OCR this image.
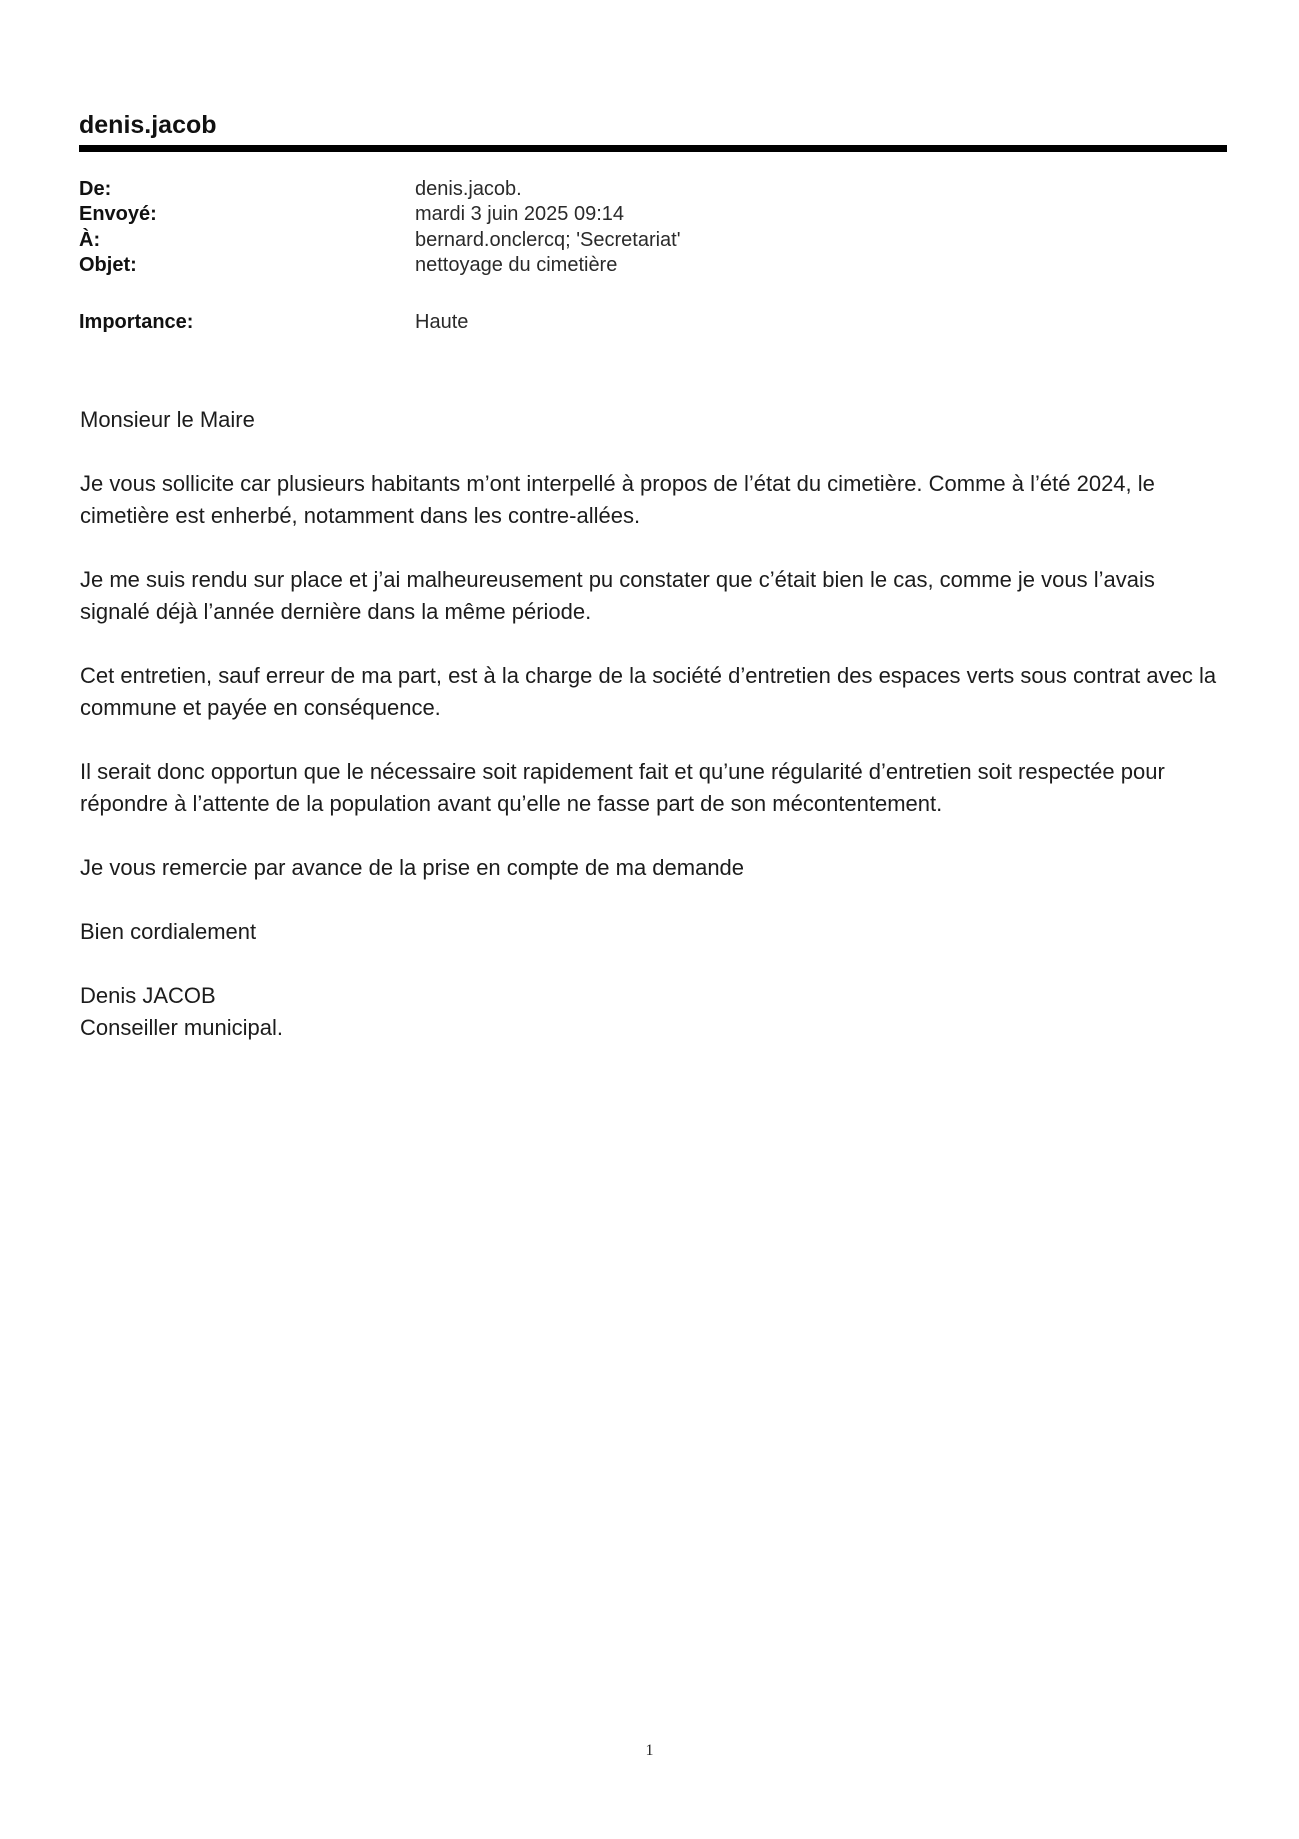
denis.jacob
De:	denis.jacob.
Envoyé:	mardi 3 juin 2025 09:14
À:	bernard.onclercq; 'Secretariat'
Objet:	nettoyage du cimetière
Importance:	Haute

Monsieur le Maire

Je vous sollicite car plusieurs habitants m’ont interpellé à propos de l’état du cimetière. Comme à l’été 2024, le cimetière est enherbé, notamment dans les contre-allées.

Je me suis rendu sur place et j’ai malheureusement pu constater que c’était bien le cas, comme je vous l’avais signalé déjà l’année dernière dans la même période.

Cet entretien, sauf erreur de ma part, est à la charge de la société d’entretien des espaces verts sous contrat avec la commune et payée en conséquence.

Il serait donc opportun que le nécessaire soit rapidement fait et qu’une régularité d’entretien soit respectée pour répondre à l’attente de la population avant qu’elle ne fasse part de son mécontentement.

Je vous remercie par avance de la prise en compte de ma demande

Bien cordialement

Denis JACOB

Conseiller municipal.

1
